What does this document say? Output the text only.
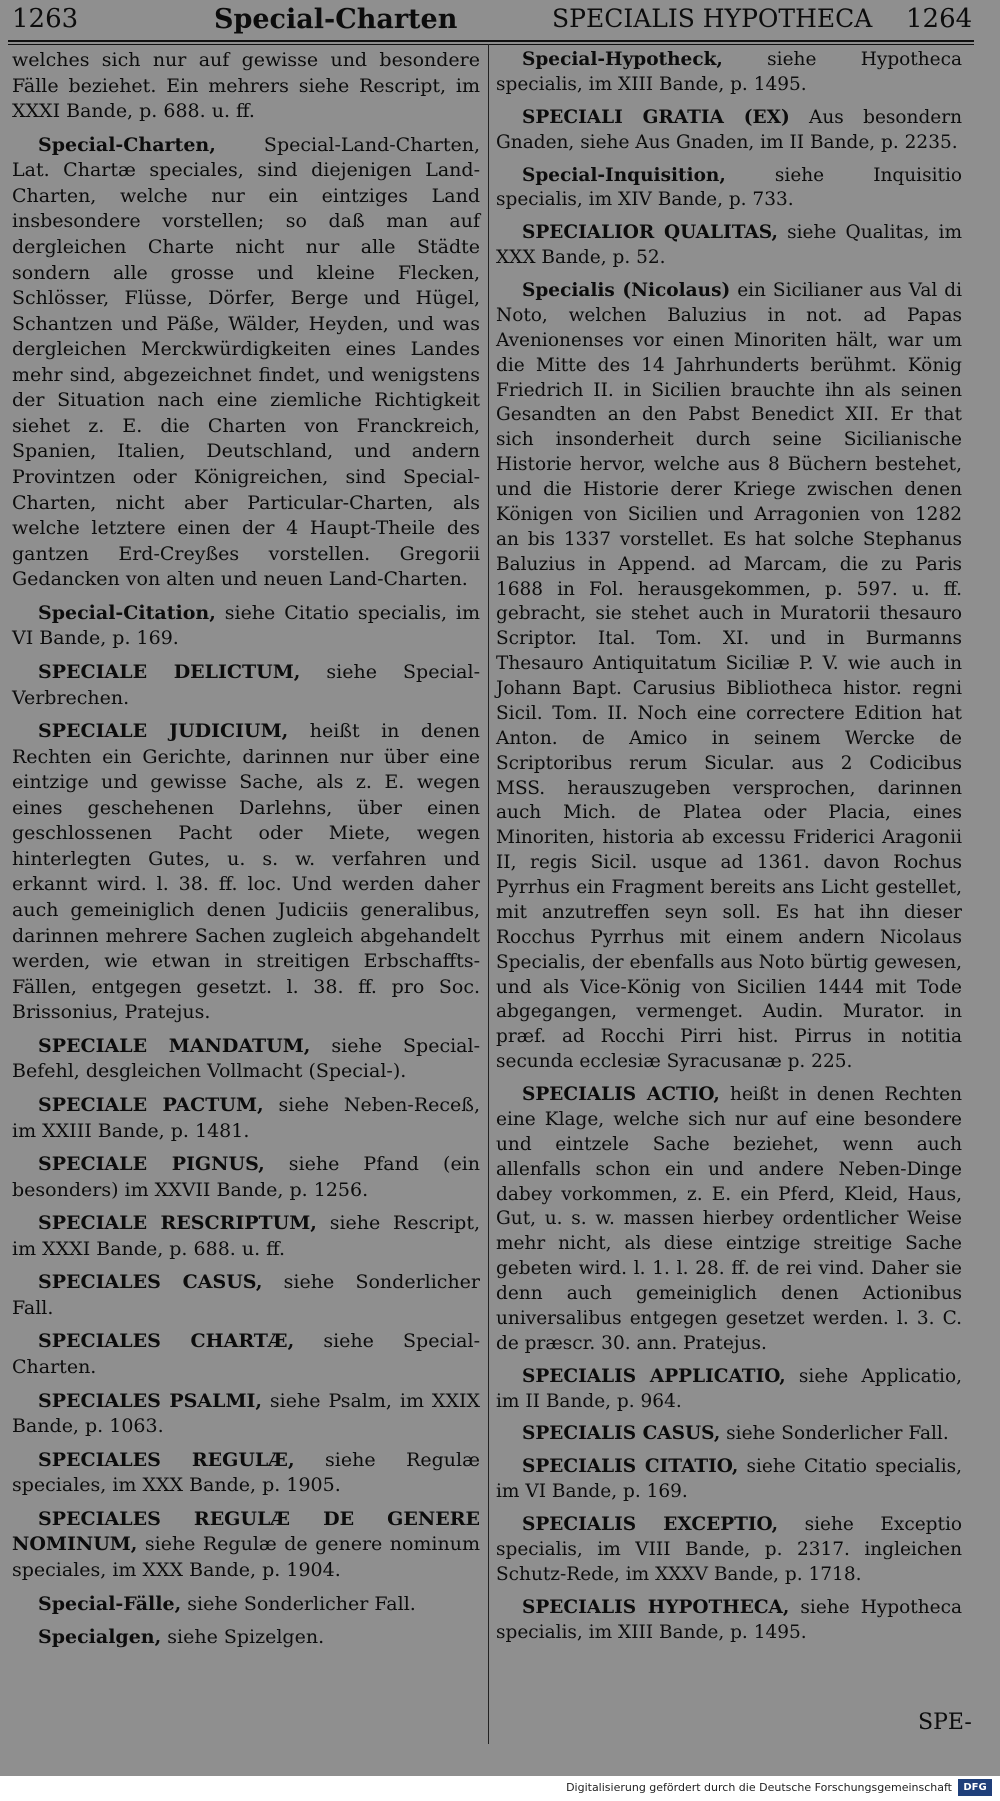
1263	Special-Charten	SPECIALIS HYPOTHECA 1264

welches sich nur auf gewisse und besondere Fälle beziehet. Ein mehrers siehe Rescript, im XXXI Bande, p. 688. u. ff.

Special-Charten, Special-Land-Charten, Lat. Chartæ speciales, sind diejenigen Land-Charten, welche nur ein eintziges Land insbesondere vorstellen; so daß man auf dergleichen Charte nicht nur alle Städte sondern alle grosse und kleine Flecken, Schlösser, Flüsse, Dörfer, Berge und Hügel, Schantzen und Päße, Wälder, Heyden, und was dergleichen Merckwürdigkeiten eines Landes mehr sind, abgezeichnet findet, und wenigstens der Situation nach eine ziemliche Richtigkeit siehet z. E. die Charten von Franckreich, Spanien, Italien, Deutschland, und andern Provintzen oder Königreichen, sind Special-Charten, nicht aber Particular-Charten, als welche letztere einen der 4 Haupt-Theile des gantzen Erd-Creyßes vorstellen. Gregorii Gedancken von alten und neuen Land-Charten.

Special-Citation, siehe Citatio specialis, im VI Bande, p. 169.

SPECIALE DELICTUM, siehe Special-Verbrechen.

SPECIALE JUDICIUM, heißt in denen Rechten ein Gerichte, darinnen nur über eine eintzige und gewisse Sache, als z. E. wegen eines geschehenen Darlehns, über einen geschlossenen Pacht oder Miete, wegen hinterlegten Gutes, u. s. w. verfahren und erkannt wird. l. 38. ff. loc. Und werden daher auch gemeiniglich denen Judiciis generalibus, darinnen mehrere Sachen zugleich abgehandelt werden, wie etwan in streitigen Erbschaffts-Fällen, entgegen gesetzt. l. 38. ff. pro Soc. Brissonius, Pratejus.

SPECIALE MANDATUM, siehe Special-Befehl, desgleichen Vollmacht (Special-).

SPECIALE PACTUM, siehe Neben-Receß, im XXIII Bande, p. 1481.

SPECIALE PIGNUS, siehe Pfand (ein besonders) im XXVII Bande, p. 1256.

SPECIALE RESCRIPTUM, siehe Rescript, im XXXI Bande, p. 688. u. ff.

SPECIALES CASUS, siehe Sonderlicher Fall.

SPECIALES CHARTÆ, siehe Special-Charten.

SPECIALES PSALMI, siehe Psalm, im XXIX Bande, p. 1063.

SPECIALES REGULÆ, siehe Regulæ speciales, im XXX Bande, p. 1905.

SPECIALES REGULÆ DE GENERE NOMINUM, siehe Regulæ de genere nominum speciales, im XXX Bande, p. 1904.

Special-Fälle, siehe Sonderlicher Fall.

Specialgen, siehe Spizelgen.

Special-Hypotheck, siehe Hypotheca specialis, im XIII Bande, p. 1495.

SPECIALI GRATIA (EX) Aus besondern Gnaden, siehe Aus Gnaden, im II Bande, p. 2235.

Special-Inquisition, siehe Inquisitio specialis, im XIV Bande, p. 733.

SPECIALIOR QUALITAS, siehe Qualitas, im XXX Bande, p. 52.

Specialis (Nicolaus) ein Sicilianer aus Val di Noto, welchen Baluzius in not. ad Papas Avenionenses vor einen Minoriten hält, war um die Mitte des 14 Jahrhunderts berühmt. König Friedrich II. in Sicilien brauchte ihn als seinen Gesandten an den Pabst Benedict XII. Er that sich insonderheit durch seine Sicilianische Historie hervor, welche aus 8 Büchern bestehet, und die Historie derer Kriege zwischen denen Königen von Sicilien und Arragonien von 1282 an bis 1337 vorstellet. Es hat solche Stephanus Baluzius in Append. ad Marcam, die zu Paris 1688 in Fol. herausgekommen, p. 597. u. ff. gebracht, sie stehet auch in Muratorii thesauro Scriptor. Ital. Tom. XI. und in Burmanns Thesauro Antiquitatum Siciliæ P. V. wie auch in Johann Bapt. Carusius Bibliotheca histor. regni Sicil. Tom. II. Noch eine correctere Edition hat Anton. de Amico in seinem Wercke de Scriptoribus rerum Sicular. aus 2 Codicibus MSS. herauszugeben versprochen, darinnen auch Mich. de Platea oder Placia, eines Minoriten, historia ab excessu Friderici Aragonii II, regis Sicil. usque ad 1361. davon Rochus Pyrrhus ein Fragment bereits ans Licht gestellet, mit anzutreffen seyn soll. Es hat ihn dieser Rocchus Pyrrhus mit einem andern Nicolaus Specialis, der ebenfalls aus Noto bürtig gewesen, und als Vice-König von Sicilien 1444 mit Tode abgegangen, vermenget. Audin. Murator. in præf. ad Rocchi Pirri hist. Pirrus in notitia secunda ecclesiæ Syracusanæ p. 225.

SPECIALIS ACTIO, heißt in denen Rechten eine Klage, welche sich nur auf eine besondere und eintzele Sache beziehet, wenn auch allenfalls schon ein und andere Neben-Dinge dabey vorkommen, z. E. ein Pferd, Kleid, Haus, Gut, u. s. w. massen hierbey ordentlicher Weise mehr nicht, als diese eintzige streitige Sache gebeten wird. l. 1. l. 28. ff. de rei vind. Daher sie denn auch gemeiniglich denen Actionibus universalibus entgegen gesetzet werden. l. 3. C. de præscr. 30. ann. Pratejus.

SPECIALIS APPLICATIO, siehe Applicatio, im II Bande, p. 964.

SPECIALIS CASUS, siehe Sonderlicher Fall.

SPECIALIS CITATIO, siehe Citatio specialis, im VI Bande, p. 169.

SPECIALIS EXCEPTIO, siehe Exceptio specialis, im VIII Bande, p. 2317. ingleichen Schutz-Rede, im XXXV Bande, p. 1718.

SPECIALIS HYPOTHECA, siehe Hypotheca specialis, im XIII Bande, p. 1495.

SPE-
Digitalisierung gefördert durch die Deutsche Forschungsgemeinschaft	DFG
